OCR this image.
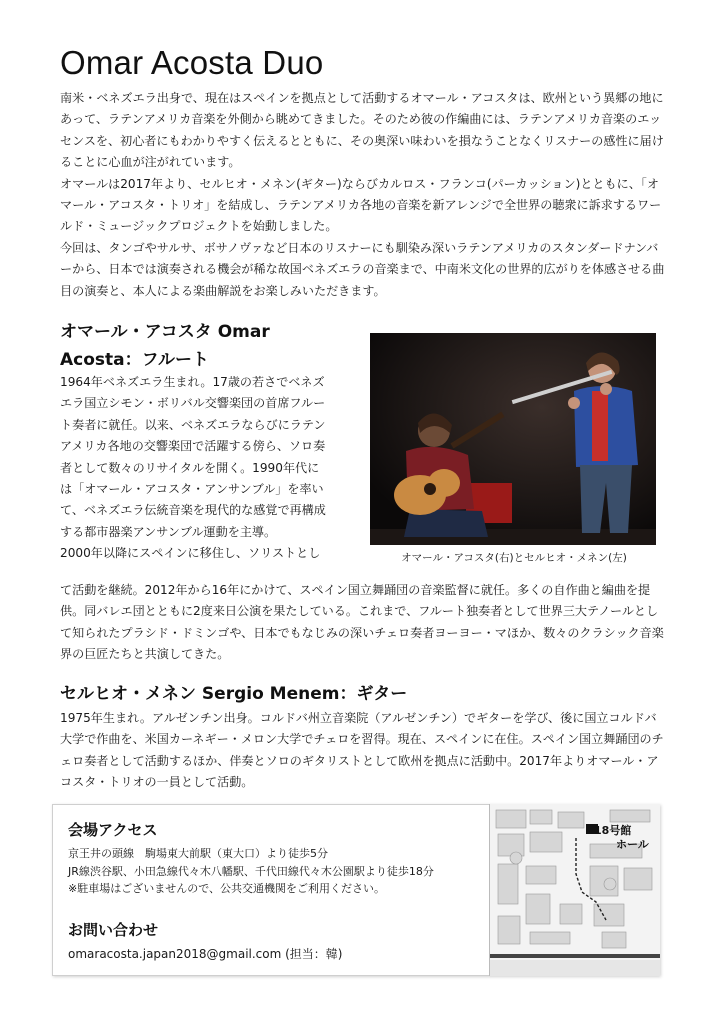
Omar Acosta Duo

南米・ベネズエラ出身で、現在はスペインを拠点として活動するオマール・アコスタは、欧州という異郷の地にあって、ラテンアメリカ音楽を外側から眺めてきました。そのため彼の作編曲には、ラテンアメリカ音楽のエッセンスを、初心者にもわかりやすく伝えるとともに、その奥深い味わいを損なうことなくリスナーの感性に届けることに心血が注がれています。

オマールは2017年より、セルヒオ・メネン(ギター)ならびカルロス・フランコ(パーカッション)とともに、「オマール・アコスタ・トリオ」を結成し、ラテンアメリカ各地の音楽を新アレンジで全世界の聴衆に訴求するワールド・ミュージックプロジェクトを始動しました。

今回は、タンゴやサルサ、ボサノヴァなど日本のリスナーにも馴染み深いラテンアメリカのスタンダードナンバーから、日本では演奏される機会が稀な故国ベネズエラの音楽まで、中南米文化の世界的広がりを体感させる曲目の演奏と、本人による楽曲解説をお楽しみいただきます。

オマール・アコスタ Omar
Acosta：フルート
1964年ベネズエラ生まれ。17歳の若さでベネズ
エラ国立シモン・ボリバル交響楽団の首席フルー
ト奏者に就任。以来、ベネズエラならびにラテン
アメリカ各地の交響楽団で活躍する傍ら、ソロ奏
者として数々のリサイタルを開く。1990年代に
は「オマール・アコスタ・アンサンブル」を率い
て、ベネズエラ伝統音楽を現代的な感覚で再構成
する都市器楽アンサンブル運動を主導。
2000年以降にスペインに移住し、ソリストとし	オマール・アコスタ(右)とセルヒオ・メネン(左)

て活動を継続。2012年から16年にかけて、スペイン国立舞踊団の音楽監督に就任。多くの自作曲と編曲を提供。同バレエ団とともに2度来日公演を果たしている。これまで、フルート独奏者として世界三大テノールとして知られたプラシド・ドミンゴや、日本でもなじみの深いチェロ奏者ヨーヨー・マほか、数々のクラシック音楽界の巨匠たちと共演してきた。

セルヒオ・メネン Sergio Menem：ギター

1975年生まれ。アルゼンチン出身。コルドバ州立音楽院（アルゼンチン）でギターを学び、後に国立コルドバ大学で作曲を、米国カーネギー・メロン大学でチェロを習得。現在、スペインに在住。スペイン国立舞踊団のチェロ奏者として活動するほか、伴奏とソロのギタリストとして欧州を拠点に活動中。2017年よりオマール・アコスタ・トリオの一員として活動。

会場アクセス
京王井の頭線　駒場東大前駅（東大口）より徒歩5分
JR線渋谷駅、小田急線代々木八幡駅、千代田線代々木公園駅より徒歩18分
※駐車場はございませんので、公共交通機関をご利用ください。
お問い合わせ
omaracosta.japan2018@gmail.com (担当：韓)
18号館
ホール
